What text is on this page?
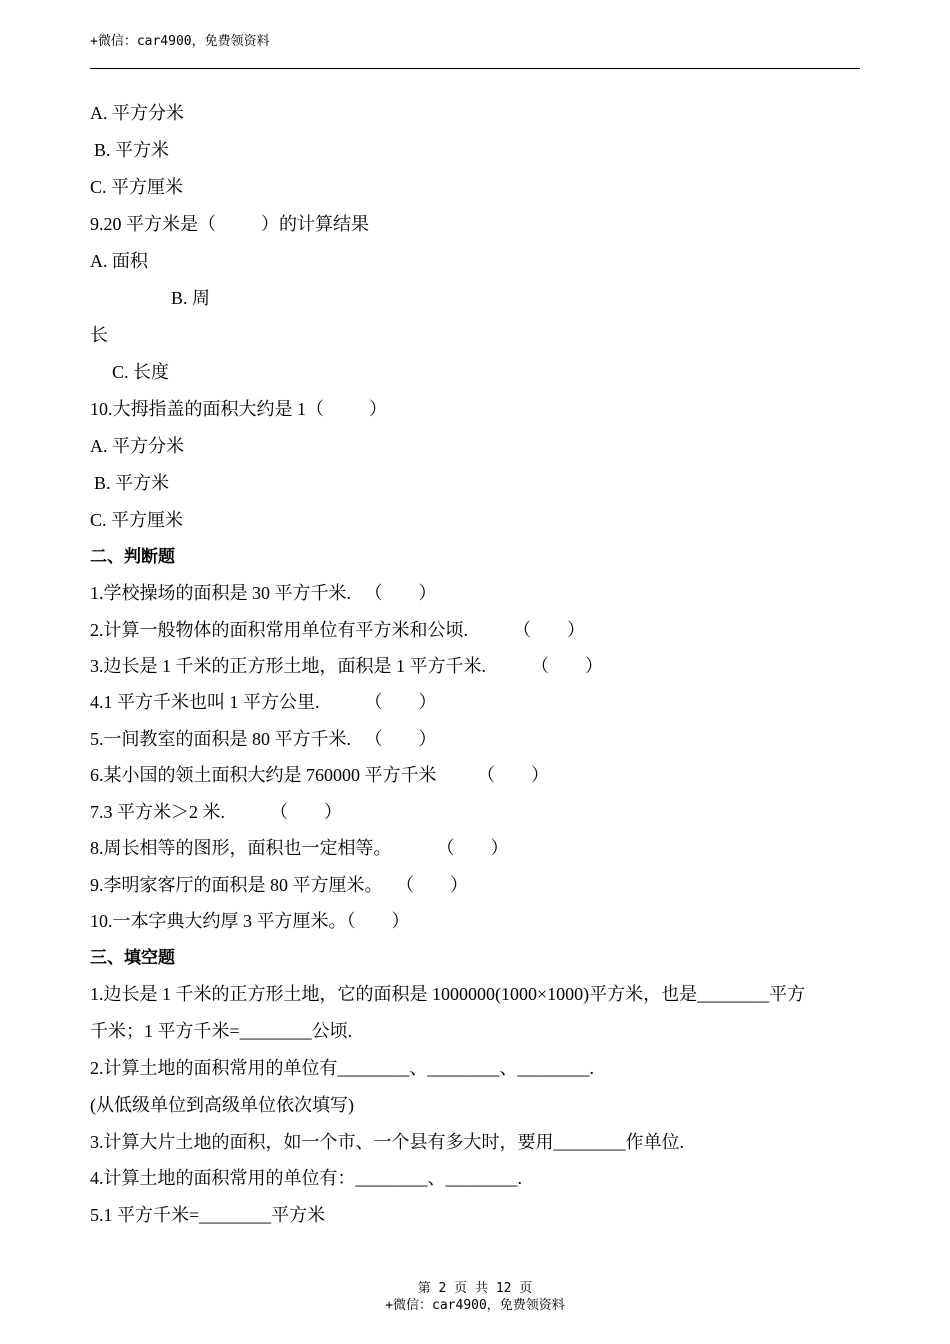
+微信：car4900，免费领资料
A. 平方分米
B. 平方米
C. 平方厘米
9.20 平方米是（          ）的计算结果
A. 面积
B. 周
长
C. 长度
10.大拇指盖的面积大约是 1（          ）
A. 平方分米
B. 平方米
C. 平方厘米
二、判断题
1.学校操场的面积是 30 平方千米.   （        ）
2.计算一般物体的面积常用单位有平方米和公顷.          （        ）
3.边长是 1 千米的正方形土地，面积是 1 平方千米.          （        ）
4.1 平方千米也叫 1 平方公里.          （        ）
5.一间教室的面积是 80 平方千米.   （        ）
6.某小国的领土面积大约是 760000 平方千米         （        ）
7.3 平方米＞2 米.          （        ）
8.周长相等的图形，面积也一定相等。          （        ）
9.李明家客厅的面积是 80 平方厘米。   （        ）
10.一本字典大约厚 3 平方厘米。（        ）
三、填空题
1.边长是 1 千米的正方形土地，它的面积是 1000000(1000×1000)平方米，也是________平方
千米；1 平方千米=________公顷.
2.计算土地的面积常用的单位有________、________、________.
(从低级单位到高级单位依次填写)
3.计算大片土地的面积，如一个市、一个县有多大时，要用________作单位.
4.计算土地的面积常用的单位有：________、________.
5.1 平方千米=________平方米
第 2 页 共 12 页
+微信：car4900，免费领资料
